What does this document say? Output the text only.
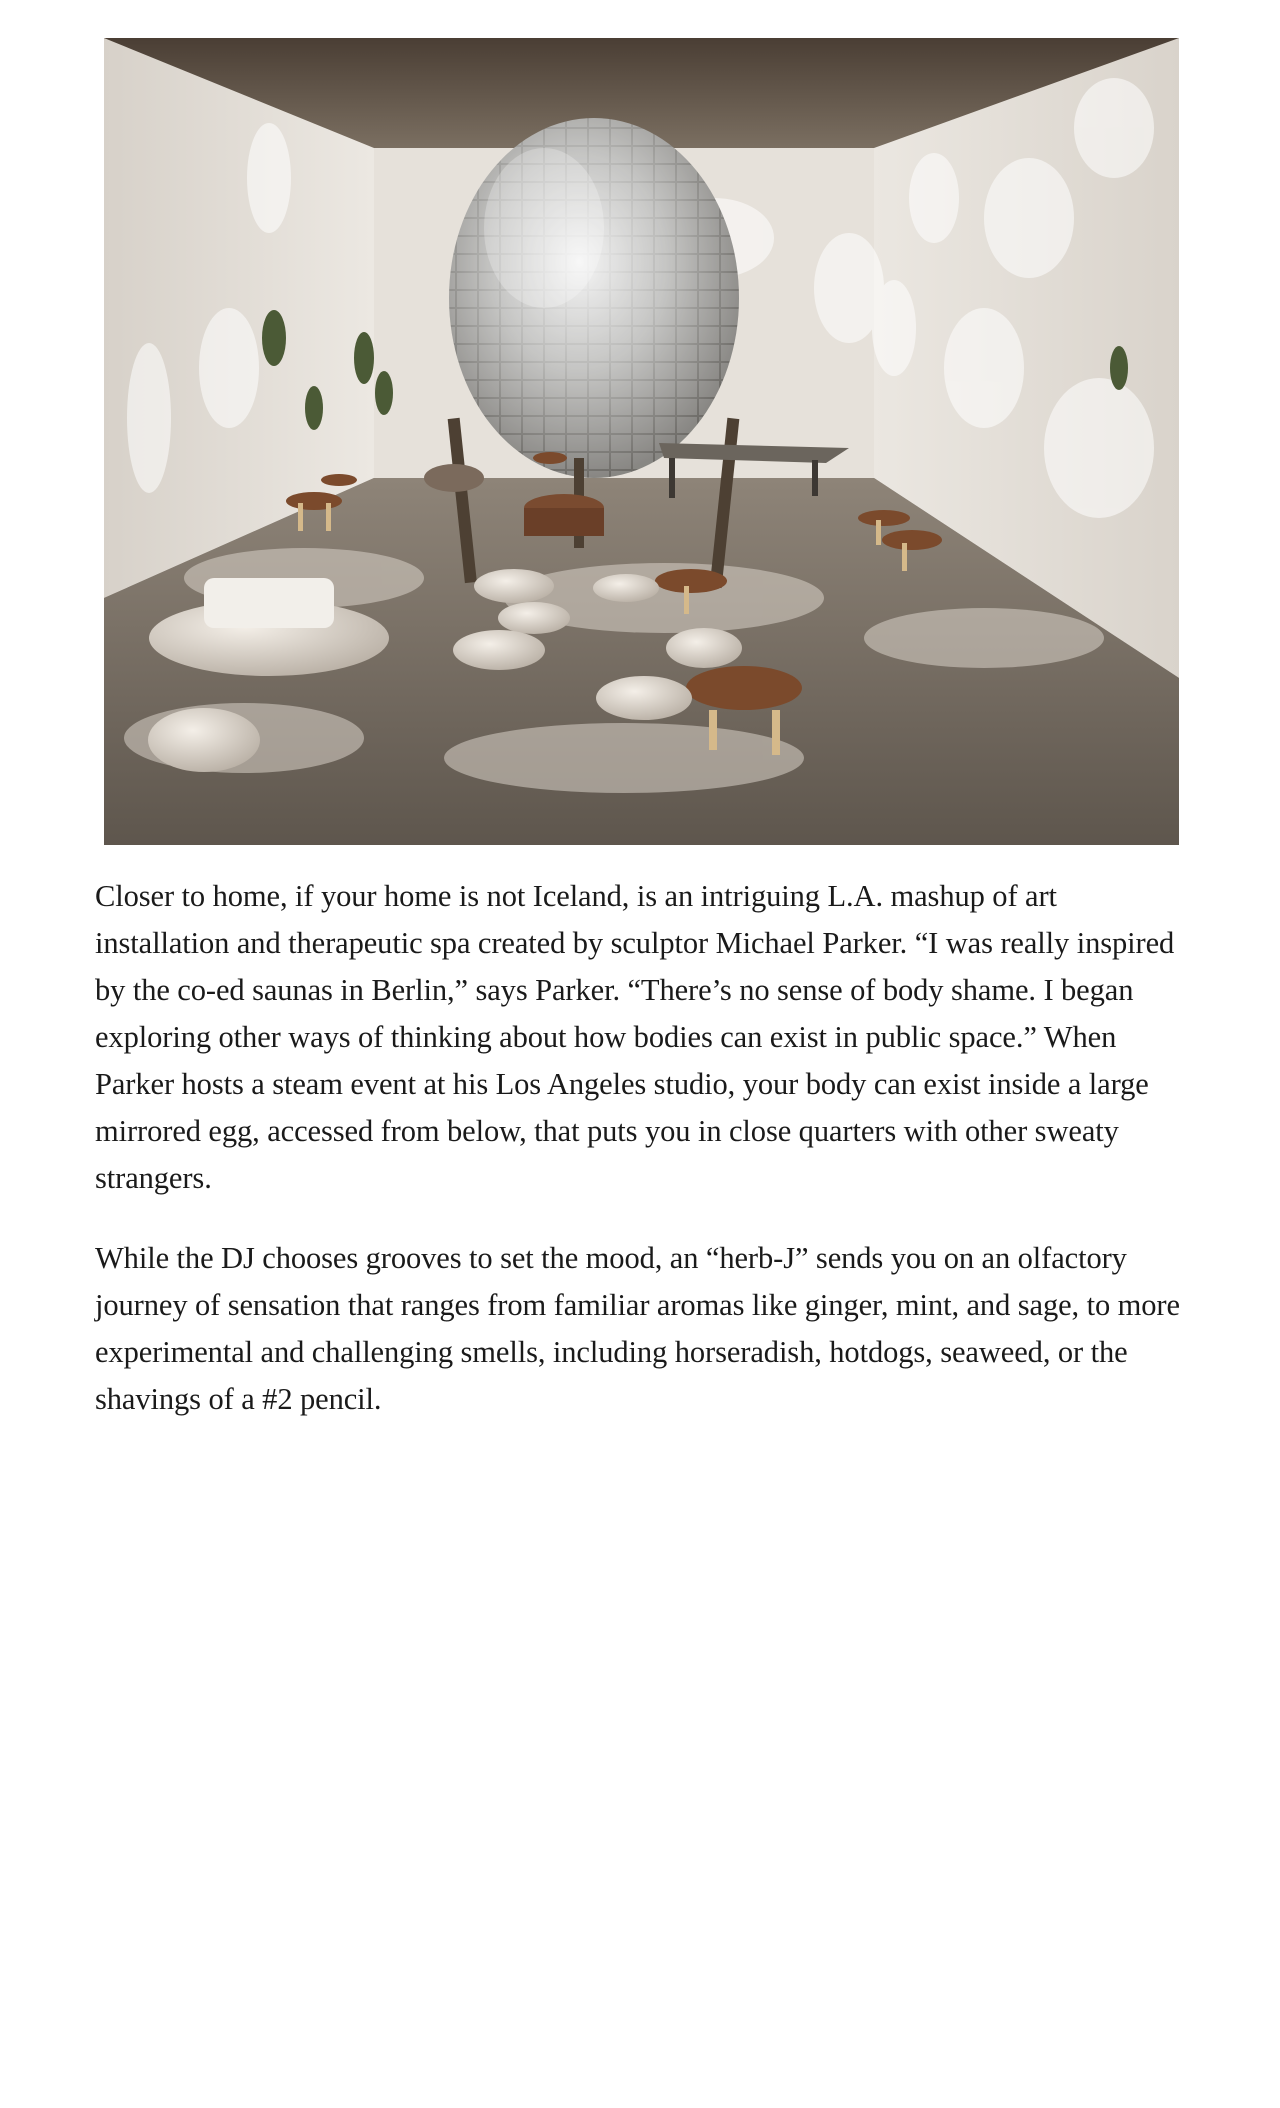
Closer to home, if your home is not Iceland, is an intriguing L.A. mashup of art installation and therapeutic spa created by sculptor Michael Parker. “I was really inspired by the co-ed saunas in Berlin,” says Parker. “There’s no sense of body shame. I began exploring other ways of thinking about how bodies can exist in public space.” When Parker hosts a steam event at his Los Angeles studio, your body can exist inside a large mirrored egg, accessed from below, that puts you in close quarters with other sweaty strangers.

While the DJ chooses grooves to set the mood, an “herb-J” sends you on an olfactory journey of sensation that ranges from familiar aromas like ginger, mint, and sage, to more experimental and challenging smells, including horseradish, hotdogs, seaweed, or the shavings of a #2 pencil.
